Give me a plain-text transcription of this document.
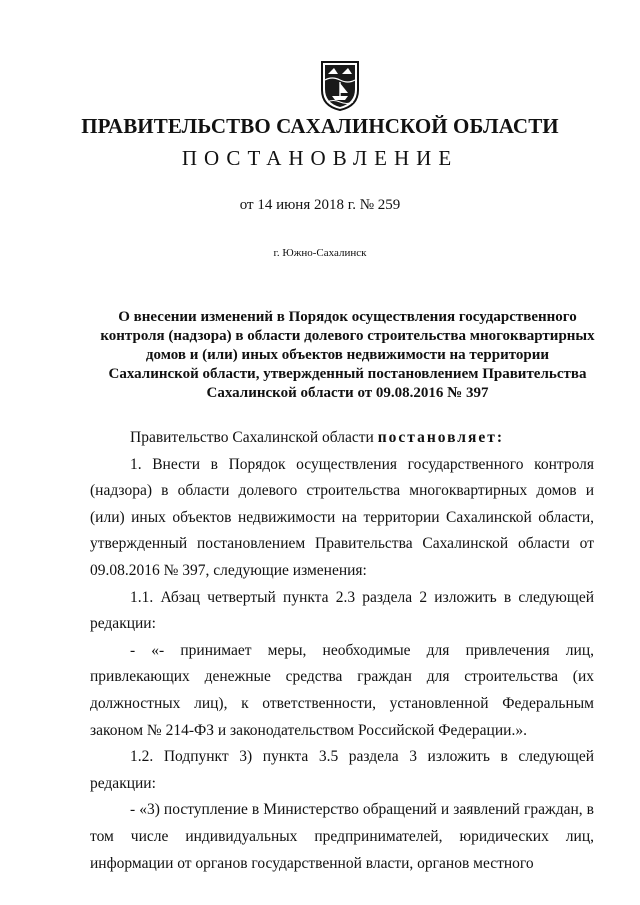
ПРАВИТЕЛЬСТВО САХАЛИНСКОЙ ОБЛАСТИ
ПОСТАНОВЛЕНИЕ
от 14 июня 2018 г. № 259
г. Южно-Сахалинск
О внесении изменений в Порядок осуществления государственного контроля (надзора) в области долевого строительства многоквартирных домов и (или) иных объектов недвижимости на территории Сахалинской области, утвержденный постановлением Правительства Сахалинской области от 09.08.2016 № 397

Правительство Сахалинской области постановляет:

1. Внести в Порядок осуществления государственного контроля (надзора) в области долевого строительства многоквартирных домов и (или) иных объектов недвижимости на территории Сахалинской области, утвержденный постановлением Правительства Сахалинской области от 09.08.2016 № 397, следующие изменения:

1.1. Абзац четвертый пункта 2.3 раздела 2 изложить в следующей редакции:

- «- принимает меры, необходимые для привлечения лиц, привлекающих денежные средства граждан для строительства (их должностных лиц), к ответственности, установленной Федеральным законом № 214-ФЗ и законодательством Российской Федерации.».

1.2. Подпункт 3) пункта 3.5 раздела 3 изложить в следующей редакции:

- «3) поступление в Министерство обращений и заявлений граждан, в том числе индивидуальных предпринимателей, юридических лиц, информации от органов государственной власти, органов местного
